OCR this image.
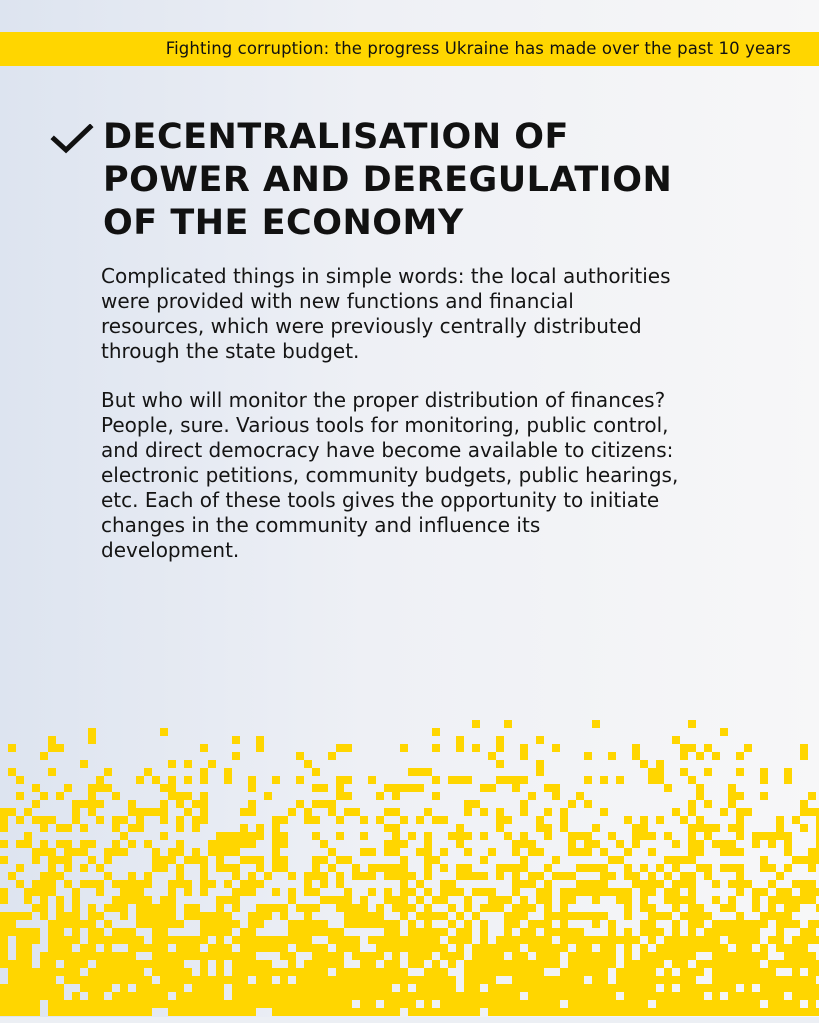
Fighting corruption: the progress Ukraine has made over the past 10 years
DECENTRALISATION OF
POWER AND DEREGULATION
OF THE ECONOMY

Complicated things in simple words: the local authorities
were provided with new functions and financial
resources, which were previously centrally distributed
through the state budget.

But who will monitor the proper distribution of finances?
People, sure. Various tools for monitoring, public control,
and direct democracy have become available to citizens:
electronic petitions, community budgets, public hearings,
etc. Each of these tools gives the opportunity to initiate
changes in the community and influence its
development.
